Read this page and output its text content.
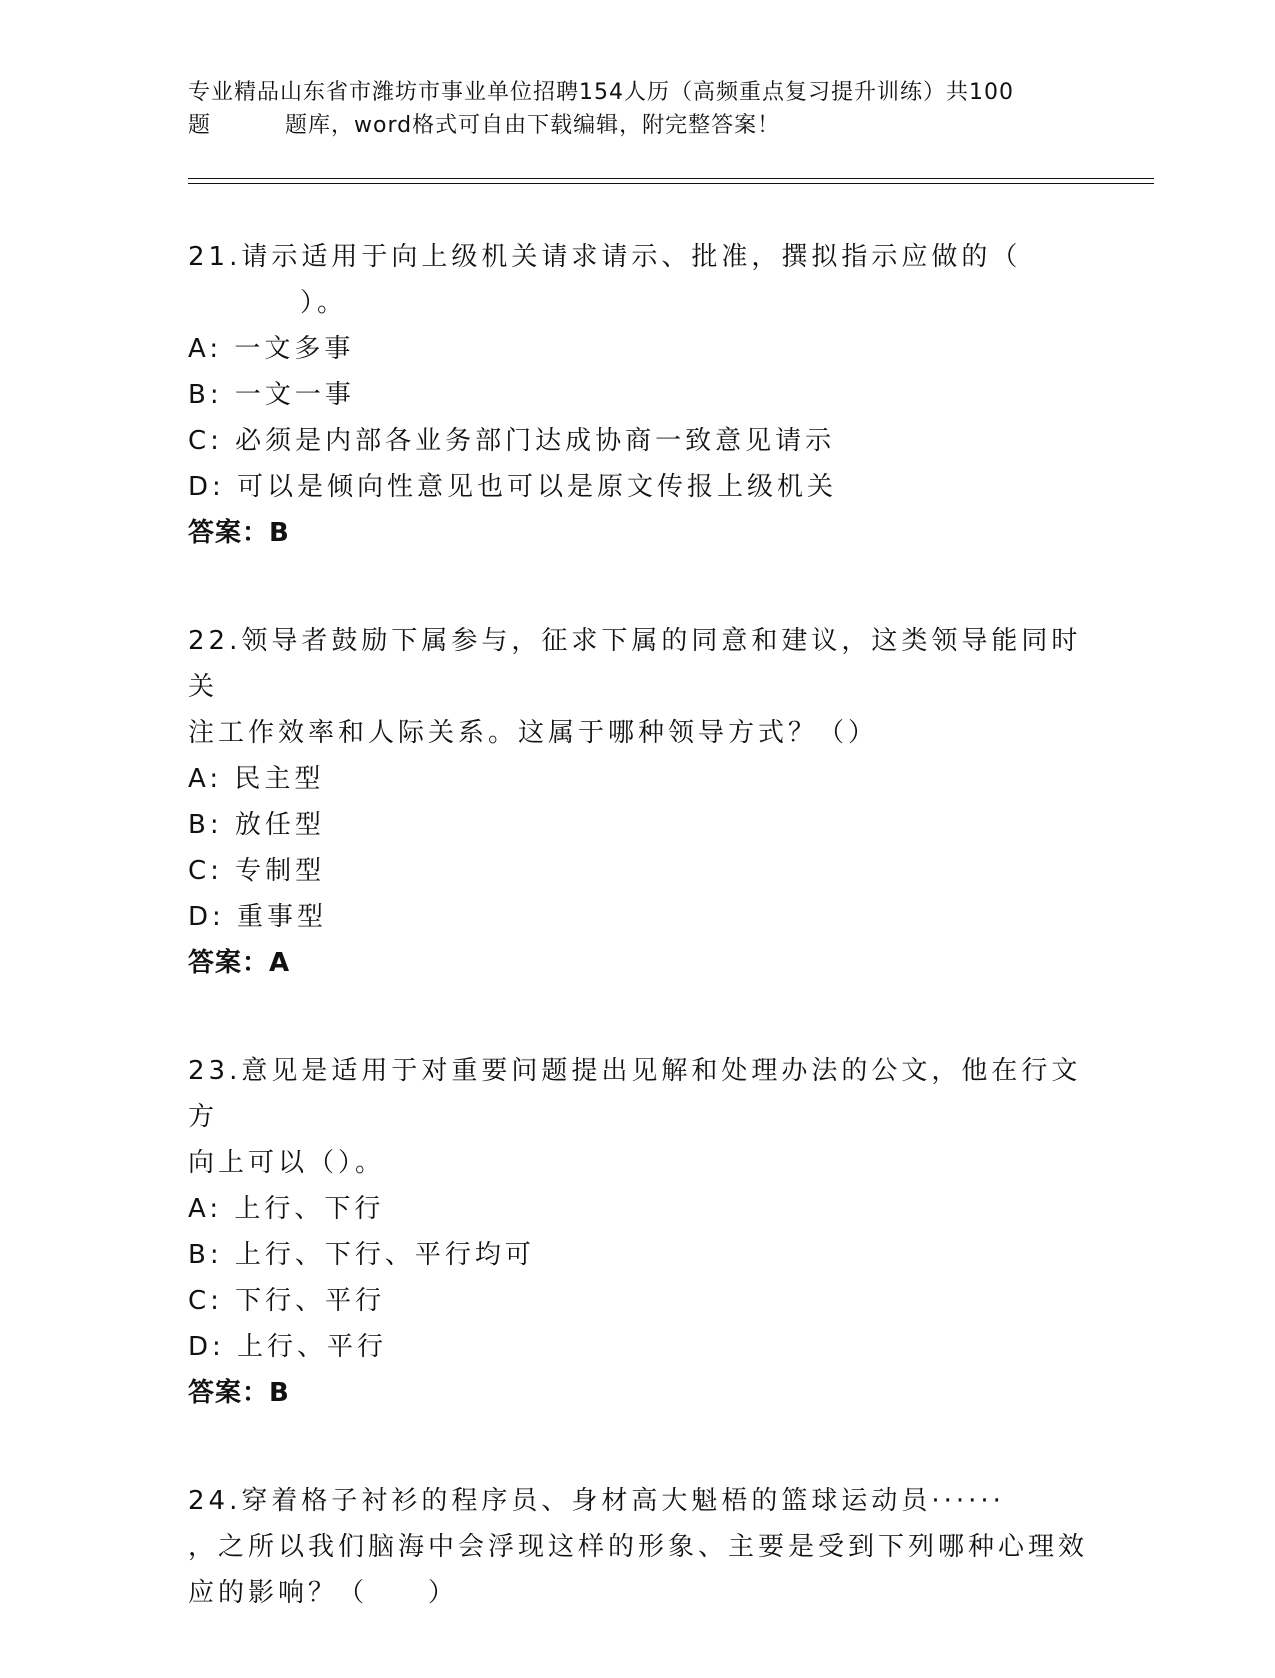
专业精品山东省市潍坊市事业单位招聘154人历（高频重点复习提升训练）共100
题	题库，word格式可自由下载编辑，附完整答案！
21.请示适用于向上级机关请求请示、批准，撰拟指示应做的（
）。
A: 一文多事
B: 一文一事
C: 必须是内部各业务部门达成协商一致意见请示
D: 可以是倾向性意见也可以是原文传报上级机关
答案：B
22.领导者鼓励下属参与，征求下属的同意和建议，这类领导能同时关
注工作效率和人际关系。这属于哪种领导方式？（）
A: 民主型
B: 放任型
C: 专制型
D: 重事型
答案：A
23.意见是适用于对重要问题提出见解和处理办法的公文，他在行文方
向上可以（）。
A: 上行、下行
B: 上行、下行、平行均可
C: 下行、平行
D: 上行、平行
答案：B
24.穿着格子衬衫的程序员、身材高大魁梧的篮球运动员······
，之所以我们脑海中会浮现这样的形象、主要是受到下列哪种心理效
应的影响？（　　）
